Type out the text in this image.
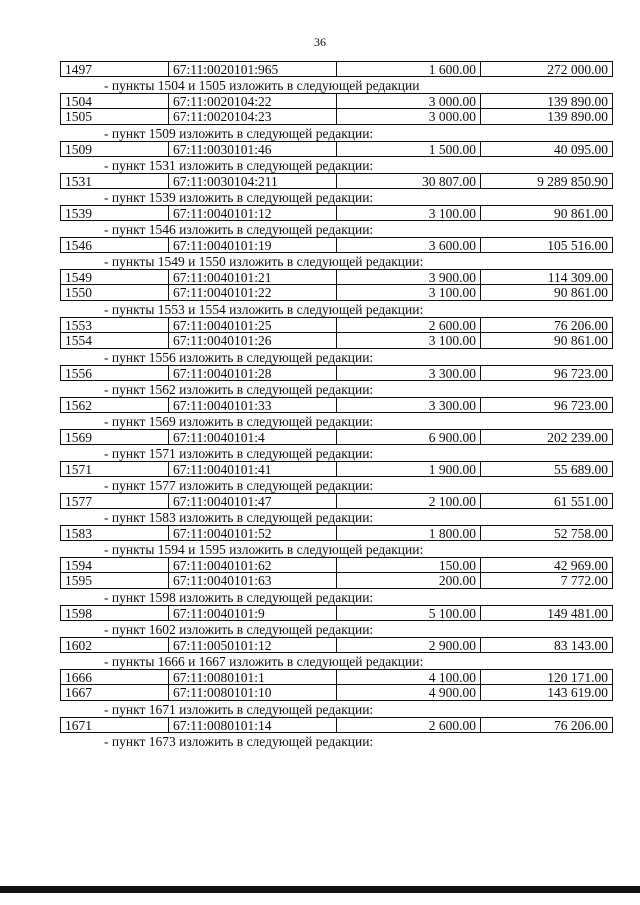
36
1497	67:11:0020101:965	1 600.00	272 000.00
- пункты 1504 и 1505 изложить в следующей редакции
1504	67:11:0020104:22	3 000.00	139 890.00
1505	67:11:0020104:23	3 000.00	139 890.00
- пункт 1509 изложить в следующей редакции:
1509	67:11:0030101:46	1 500.00	40 095.00
- пункт 1531 изложить в следующей редакции:
1531	67:11:0030104:211	30 807.00	9 289 850.90
- пункт 1539 изложить в следующей редакции:
1539	67:11:0040101:12	3 100.00	90 861.00
- пункт 1546 изложить в следующей редакции:
1546	67:11:0040101:19	3 600.00	105 516.00
- пункты 1549 и 1550 изложить в следующей редакции:
1549	67:11:0040101:21	3 900.00	114 309.00
1550	67:11:0040101:22	3 100.00	90 861.00
- пункты 1553 и 1554 изложить в следующей редакции:
1553	67:11:0040101:25	2 600.00	76 206.00
1554	67:11:0040101:26	3 100.00	90 861.00
- пункт 1556 изложить в следующей редакции:
1556	67:11:0040101:28	3 300.00	96 723.00
- пункт 1562 изложить в следующей редакции:
1562	67:11:0040101:33	3 300.00	96 723.00
- пункт 1569 изложить в следующей редакции:
1569	67:11:0040101:4	6 900.00	202 239.00
- пункт 1571 изложить в следующей редакции:
1571	67:11:0040101:41	1 900.00	55 689.00
- пункт 1577 изложить в следующей редакции:
1577	67:11:0040101:47	2 100.00	61 551.00
- пункт 1583 изложить в следующей редакции:
1583	67:11:0040101:52	1 800.00	52 758.00
- пункты 1594 и 1595 изложить в следующей редакции:
1594	67:11:0040101:62	150.00	42 969.00
1595	67:11:0040101:63	200.00	7 772.00
- пункт 1598 изложить в следующей редакции:
1598	67:11:0040101:9	5 100.00	149 481.00
- пункт 1602 изложить в следующей редакции:
1602	67:11:0050101:12	2 900.00	83 143.00
- пункты 1666 и 1667 изложить в следующей редакции:
1666	67:11:0080101:1	4 100.00	120 171.00
1667	67:11:0080101:10	4 900.00	143 619.00
- пункт 1671 изложить в следующей редакции:
1671	67:11:0080101:14	2 600.00	76 206.00
- пункт 1673 изложить в следующей редакции:
